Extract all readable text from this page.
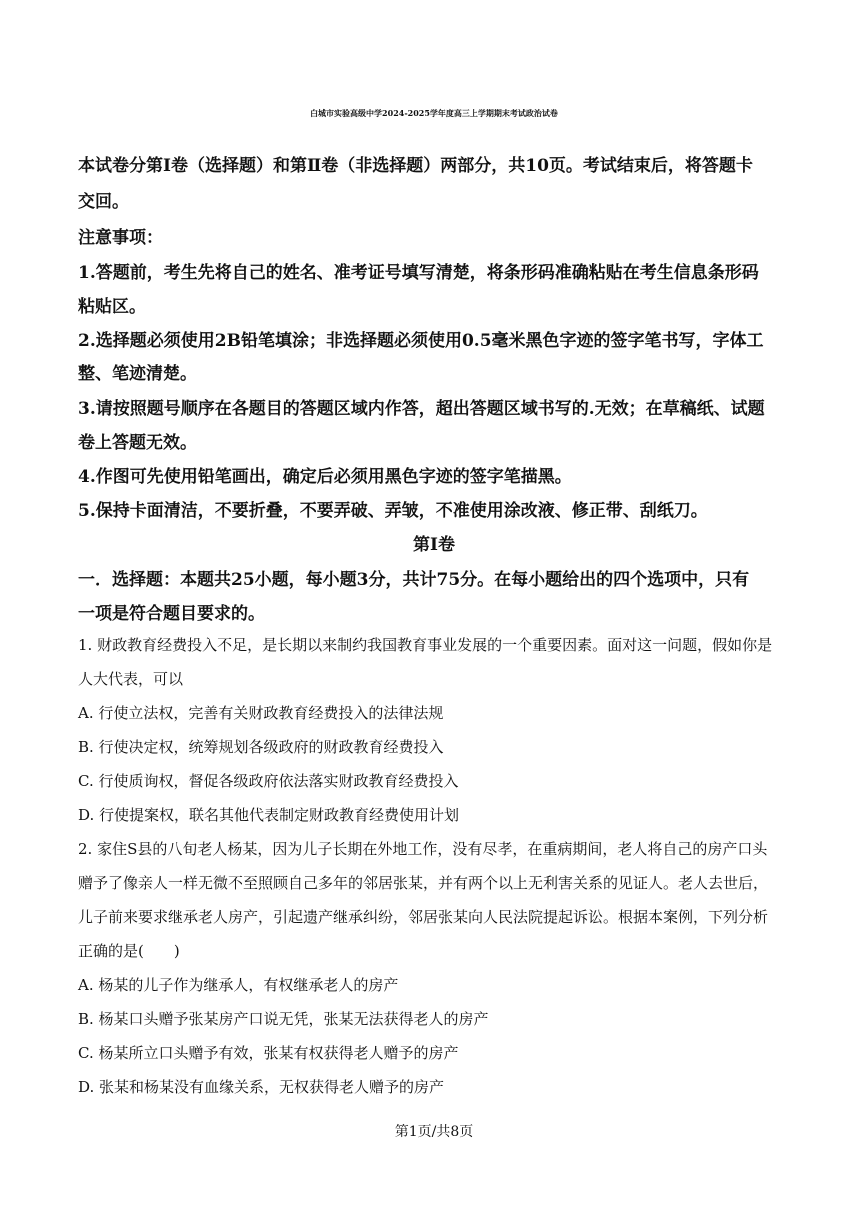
白城市实验高级中学2024-2025学年度高三上学期期末考试政治试卷
本试卷分第Ⅰ卷（选择题）和第Ⅱ卷（非选择题）两部分，共10页。考试结束后，将答题卡
交回。
注意事项：
1.答题前，考生先将自己的姓名、准考证号填写清楚，将条形码准确粘贴在考生信息条形码
粘贴区。
2.选择题必须使用2B铅笔填涂；非选择题必须使用0.5毫米黑色字迹的签字笔书写，字体工
整、笔迹清楚。
3.请按照题号顺序在各题目的答题区域内作答，超出答题区域书写的.无效；在草稿纸、试题
卷上答题无效。
4.作图可先使用铅笔画出，确定后必须用黑色字迹的签字笔描黑。
5.保持卡面清洁，不要折叠，不要弄破、弄皱，不准使用涂改液、修正带、刮纸刀。
第Ⅰ卷
一．选择题：本题共25小题，每小题3分，共计75分。在每小题给出的四个选项中，只有
一项是符合题目要求的。
1. 财政教育经费投入不足，是长期以来制约我国教育事业发展的一个重要因素。面对这一问题，假如你是
人大代表，可以
A. 行使立法权，完善有关财政教育经费投入的法律法规
B. 行使决定权，统筹规划各级政府的财政教育经费投入
C. 行使质询权，督促各级政府依法落实财政教育经费投入
D. 行使提案权，联名其他代表制定财政教育经费使用计划
2. 家住S县的八旬老人杨某，因为儿子长期在外地工作，没有尽孝，在重病期间，老人将自己的房产口头
赠予了像亲人一样无微不至照顾自己多年的邻居张某，并有两个以上无利害关系的见证人。老人去世后，
儿子前来要求继承老人房产，引起遗产继承纠纷，邻居张某向人民法院提起诉讼。根据本案例，下列分析
正确的是(　　)
A. 杨某的儿子作为继承人，有权继承老人的房产
B. 杨某口头赠予张某房产口说无凭，张某无法获得老人的房产
C. 杨某所立口头赠予有效，张某有权获得老人赠予的房产
D. 张某和杨某没有血缘关系，无权获得老人赠予的房产
第1页/共8页
